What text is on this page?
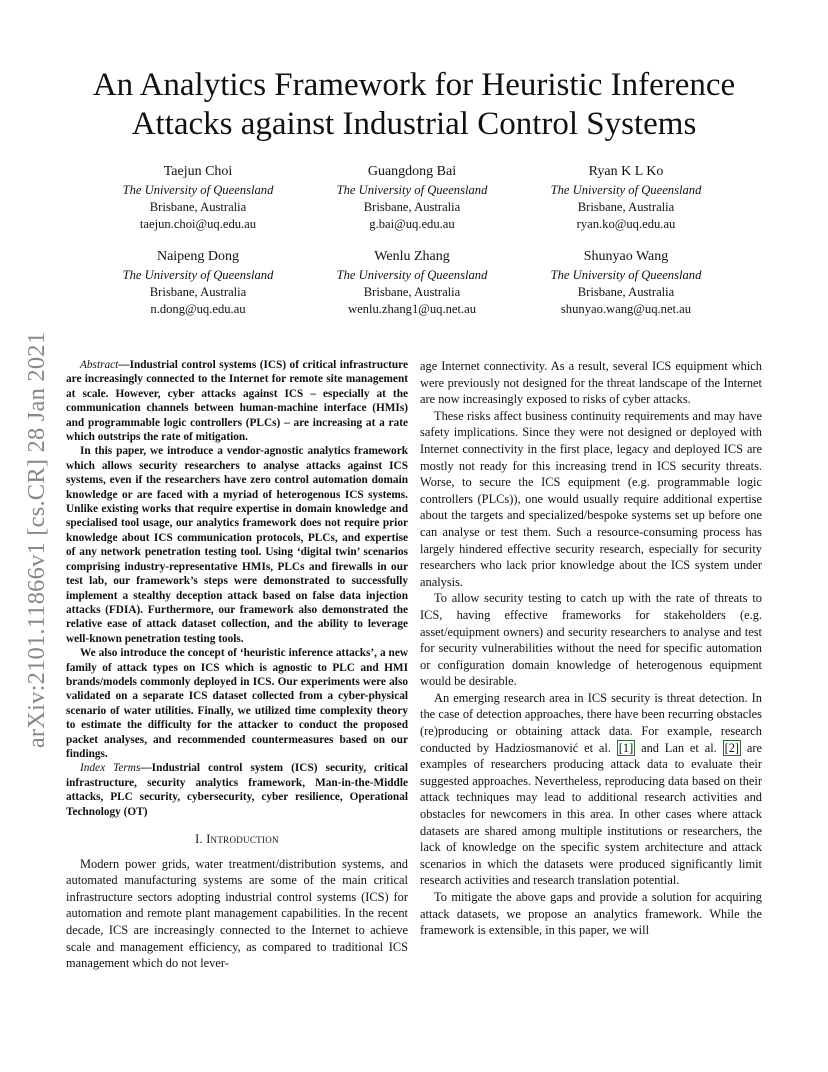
arXiv:2101.11866v1 [cs.CR] 28 Jan 2021
An Analytics Framework for Heuristic Inference
Attacks against Industrial Control Systems
Taejun Choi
The University of Queensland
Brisbane, Australia
taejun.choi@uq.edu.au
Guangdong Bai
The University of Queensland
Brisbane, Australia
g.bai@uq.edu.au
Ryan K L Ko
The University of Queensland
Brisbane, Australia
ryan.ko@uq.edu.au
Naipeng Dong
The University of Queensland
Brisbane, Australia
n.dong@uq.edu.au
Wenlu Zhang
The University of Queensland
Brisbane, Australia
wenlu.zhang1@uq.net.au
Shunyao Wang
The University of Queensland
Brisbane, Australia
shunyao.wang@uq.net.au

Abstract—Industrial control systems (ICS) of critical infrastructure are increasingly connected to the Internet for remote site management at scale. However, cyber attacks against ICS – especially at the communication channels between human-machine interface (HMIs) and programmable logic controllers (PLCs) – are increasing at a rate which outstrips the rate of mitigation.

In this paper, we introduce a vendor-agnostic analytics framework which allows security researchers to analyse attacks against ICS systems, even if the researchers have zero control automation domain knowledge or are faced with a myriad of heterogenous ICS systems. Unlike existing works that require expertise in domain knowledge and specialised tool usage, our analytics framework does not require prior knowledge about ICS communication protocols, PLCs, and expertise of any network penetration testing tool. Using ‘digital twin’ scenarios comprising industry-representative HMIs, PLCs and firewalls in our test lab, our framework’s steps were demonstrated to successfully implement a stealthy deception attack based on false data injection attacks (FDIA). Furthermore, our framework also demonstrated the relative ease of attack dataset collection, and the ability to leverage well-known penetration testing tools.

We also introduce the concept of ‘heuristic inference attacks’, a new family of attack types on ICS which is agnostic to PLC and HMI brands/models commonly deployed in ICS. Our experiments were also validated on a separate ICS dataset collected from a cyber-physical scenario of water utilities. Finally, we utilized time complexity theory to estimate the difficulty for the attacker to conduct the proposed packet analyses, and recommended countermeasures based on our findings.

Index Terms—Industrial control system (ICS) security, critical infrastructure, security analytics framework, Man-in-the-Middle attacks, PLC security, cybersecurity, cyber resilience, Operational Technology (OT)

I. Introduction

Modern power grids, water treatment/distribution systems, and automated manufacturing systems are some of the main critical infrastructure sectors adopting industrial control systems (ICS) for automation and remote plant management capabilities. In the recent decade, ICS are increasingly connected to the Internet to achieve scale and management efficiency, as compared to traditional ICS management which do not lever-

age Internet connectivity. As a result, several ICS equipment which were previously not designed for the threat landscape of the Internet are now increasingly exposed to risks of cyber attacks.

These risks affect business continuity requirements and may have safety implications. Since they were not designed or deployed with Internet connectivity in the first place, legacy and deployed ICS are mostly not ready for this increasing trend in ICS security threats. Worse, to secure the ICS equipment (e.g. programmable logic controllers (PLCs)), one would usually require additional expertise about the targets and specialized/bespoke systems set up before one can analyse or test them. Such a resource-consuming process has largely hindered effective security research, especially for security researchers who lack prior knowledge about the ICS system under analysis.

To allow security testing to catch up with the rate of threats to ICS, having effective frameworks for stakeholders (e.g. asset/equipment owners) and security researchers to analyse and test for security vulnerabilities without the need for specific automation or configuration domain knowledge of heterogenous equipment would be desirable.

An emerging research area in ICS security is threat detection. In the case of detection approaches, there have been recurring obstacles (re)producing or obtaining attack data. For example, research conducted by Hadziosmanović et al. [1] and Lan et al. [2] are examples of researchers producing attack data to evaluate their suggested approaches. Nevertheless, reproducing data based on their attack techniques may lead to additional research activities and obstacles for newcomers in this area. In other cases where attack datasets are shared among multiple institutions or researchers, the lack of knowledge on the specific system architecture and attack scenarios in which the datasets were produced significantly limit research activities and research translation potential.

To mitigate the above gaps and provide a solution for acquiring attack datasets, we propose an analytics framework. While the framework is extensible, in this paper, we will
